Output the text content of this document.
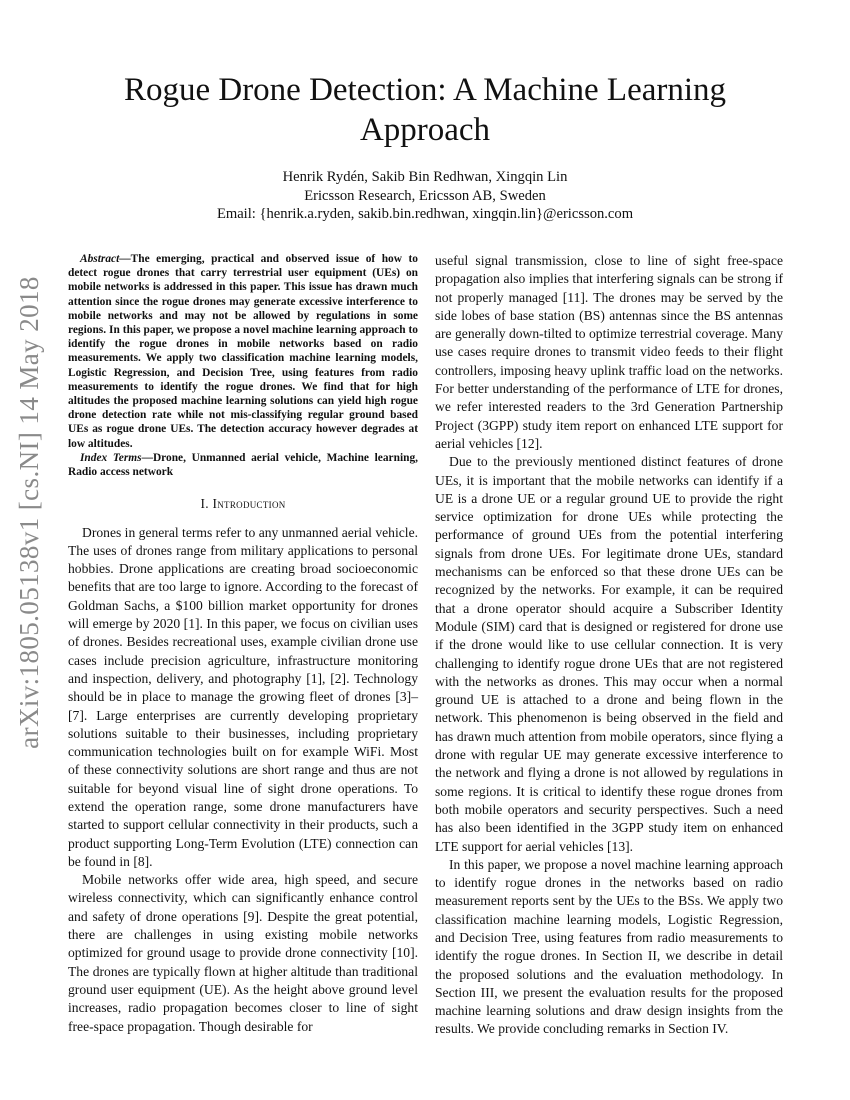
arXiv:1805.05138v1 [cs.NI] 14 May 2018
Rogue Drone Detection: A Machine Learning Approach
Henrik Rydén, Sakib Bin Redhwan, Xingqin Lin
Ericsson Research, Ericsson AB, Sweden
Email: {henrik.a.ryden, sakib.bin.redhwan, xingqin.lin}@ericsson.com

Abstract—The emerging, practical and observed issue of how to detect rogue drones that carry terrestrial user equipment (UEs) on mobile networks is addressed in this paper. This issue has drawn much attention since the rogue drones may generate excessive interference to mobile networks and may not be allowed by regulations in some regions. In this paper, we propose a novel machine learning approach to identify the rogue drones in mobile networks based on radio measurements. We apply two classification machine learning models, Logistic Regression, and Decision Tree, using features from radio measurements to identify the rogue drones. We find that for high altitudes the proposed machine learning solutions can yield high rogue drone detection rate while not mis-classifying regular ground based UEs as rogue drone UEs. The detection accuracy however degrades at low altitudes.

Index Terms—Drone, Unmanned aerial vehicle, Machine learning, Radio access network

I. Introduction

Drones in general terms refer to any unmanned aerial vehicle. The uses of drones range from military applications to personal hobbies. Drone applications are creating broad socioeconomic benefits that are too large to ignore. According to the forecast of Goldman Sachs, a $100 billion market opportunity for drones will emerge by 2020 [1]. In this paper, we focus on civilian uses of drones. Besides recreational uses, example civilian drone use cases include precision agriculture, infrastructure monitoring and inspection, delivery, and photography [1], [2]. Technology should be in place to manage the growing fleet of drones [3]–[7]. Large enterprises are currently developing proprietary solutions suitable to their businesses, including proprietary communication technologies built on for example WiFi. Most of these connectivity solutions are short range and thus are not suitable for beyond visual line of sight drone operations. To extend the operation range, some drone manufacturers have started to support cellular connectivity in their products, such a product supporting Long-Term Evolution (LTE) connection can be found in [8].

Mobile networks offer wide area, high speed, and secure wireless connectivity, which can significantly enhance control and safety of drone operations [9]. Despite the great potential, there are challenges in using existing mobile networks optimized for ground usage to provide drone connectivity [10]. The drones are typically flown at higher altitude than traditional ground user equipment (UE). As the height above ground level increases, radio propagation becomes closer to line of sight free-space propagation. Though desirable for

useful signal transmission, close to line of sight free-space propagation also implies that interfering signals can be strong if not properly managed [11]. The drones may be served by the side lobes of base station (BS) antennas since the BS antennas are generally down-tilted to optimize terrestrial coverage. Many use cases require drones to transmit video feeds to their flight controllers, imposing heavy uplink traffic load on the networks. For better understanding of the performance of LTE for drones, we refer interested readers to the 3rd Generation Partnership Project (3GPP) study item report on enhanced LTE support for aerial vehicles [12].

Due to the previously mentioned distinct features of drone UEs, it is important that the mobile networks can identify if a UE is a drone UE or a regular ground UE to provide the right service optimization for drone UEs while protecting the performance of ground UEs from the potential interfering signals from drone UEs. For legitimate drone UEs, standard mechanisms can be enforced so that these drone UEs can be recognized by the networks. For example, it can be required that a drone operator should acquire a Subscriber Identity Module (SIM) card that is designed or registered for drone use if the drone would like to use cellular connection. It is very challenging to identify rogue drone UEs that are not registered with the networks as drones. This may occur when a normal ground UE is attached to a drone and being flown in the network. This phenomenon is being observed in the field and has drawn much attention from mobile operators, since flying a drone with regular UE may generate excessive interference to the network and flying a drone is not allowed by regulations in some regions. It is critical to identify these rogue drones from both mobile operators and security perspectives. Such a need has also been identified in the 3GPP study item on enhanced LTE support for aerial vehicles [13].

In this paper, we propose a novel machine learning approach to identify rogue drones in the networks based on radio measurement reports sent by the UEs to the BSs. We apply two classification machine learning models, Logistic Regression, and Decision Tree, using features from radio measurements to identify the rogue drones. In Section II, we describe in detail the proposed solutions and the evaluation methodology. In Section III, we present the evaluation results for the proposed machine learning solutions and draw design insights from the results. We provide concluding remarks in Section IV.
